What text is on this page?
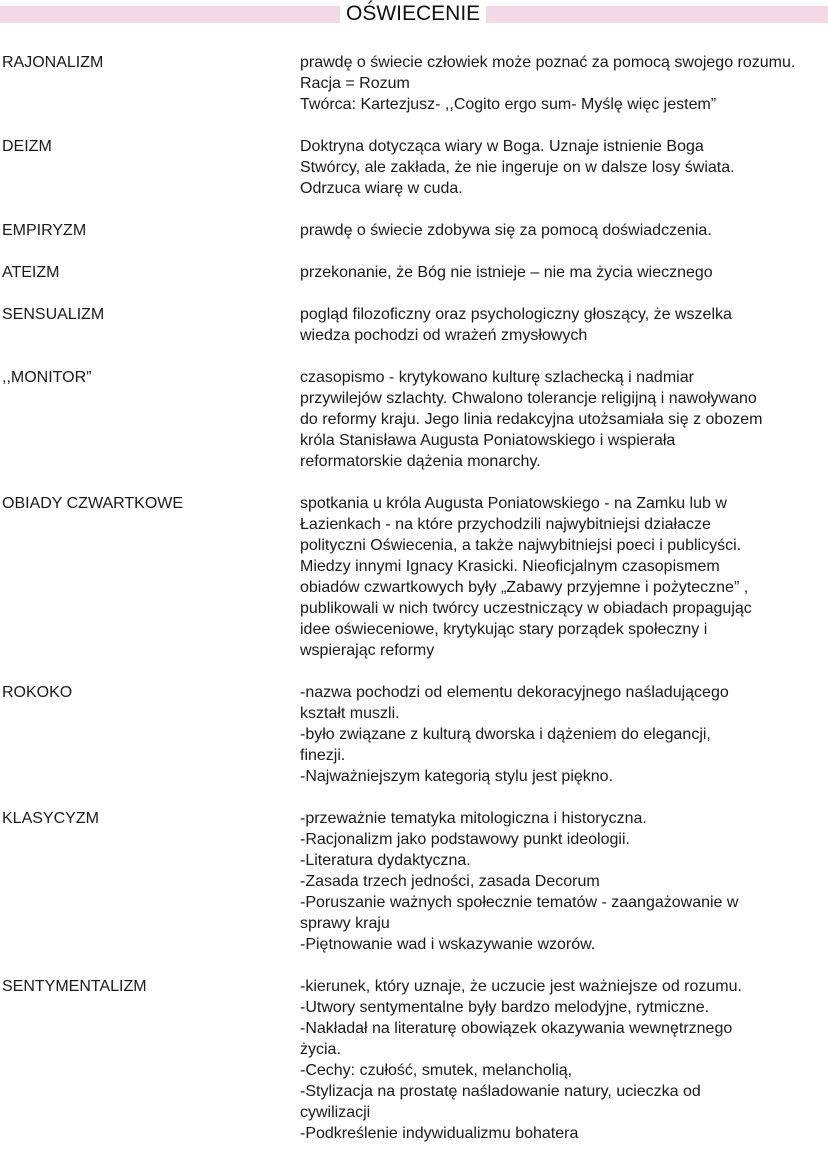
OŚWIECENIE
RAJONALIZM	prawdę o świecie człowiek może poznać za pomocą swojego rozumu.
Racja = Rozum
Twórca: Kartezjusz- ,,Cogito ergo sum- Myślę więc jestem”
DEIZM	Doktryna dotycząca wiary w Boga. Uznaje istnienie Boga
Stwórcy, ale zakłada, że nie ingeruje on w dalsze losy świata.
Odrzuca wiarę w cuda.
EMPIRYZM	prawdę o świecie zdobywa się za pomocą doświadczenia.
ATEIZM	przekonanie, że Bóg nie istnieje – nie ma życia wiecznego
SENSUALIZM	pogląd filozoficzny oraz psychologiczny głoszący, że wszelka
wiedza pochodzi od wrażeń zmysłowych
,,MONITOR”	czasopismo - krytykowano kulturę szlachecką i nadmiar
przywilejów szlachty. Chwalono tolerancje religijną i nawoływano
do reformy kraju. Jego linia redakcyjna utożsamiała się z obozem
króla Stanisława Augusta Poniatowskiego i wspierała
reformatorskie dążenia monarchy.
OBIADY CZWARTKOWE	spotkania u króla Augusta Poniatowskiego - na Zamku lub w
Łazienkach - na które przychodzili najwybitniejsi działacze
polityczni Oświecenia, a także najwybitniejsi poeci i publicyści.
Miedzy innymi Ignacy Krasicki. Nieoficjalnym czasopismem
obiadów czwartkowych były „Zabawy przyjemne i pożyteczne” ,
publikowali w nich twórcy uczestniczący w obiadach propagując
idee oświeceniowe, krytykując stary porządek społeczny i
wspierając reformy
ROKOKO	-nazwa pochodzi od elementu dekoracyjnego naśladującego
kształt muszli.
-było związane z kulturą dworska i dążeniem do elegancji,
finezji.
-Najważniejszym kategorią stylu jest piękno.
KLASYCYZM	-przeważnie tematyka mitologiczna i historyczna.
-Racjonalizm jako podstawowy punkt ideologii.
-Literatura dydaktyczna.
-Zasada trzech jedności, zasada Decorum
-Poruszanie ważnych społecznie tematów - zaangażowanie w
sprawy kraju
-Piętnowanie wad i wskazywanie wzorów.
SENTYMENTALIZM	-kierunek, który uznaje, że uczucie jest ważniejsze od rozumu.
-Utwory sentymentalne były bardzo melodyjne, rytmiczne.
-Nakładał na literaturę obowiązek okazywania wewnętrznego
życia.
-Cechy: czułość, smutek, melancholią,
-Stylizacja na prostatę naśladowanie natury, ucieczka od
cywilizacji
-Podkreślenie indywidualizmu bohatera
